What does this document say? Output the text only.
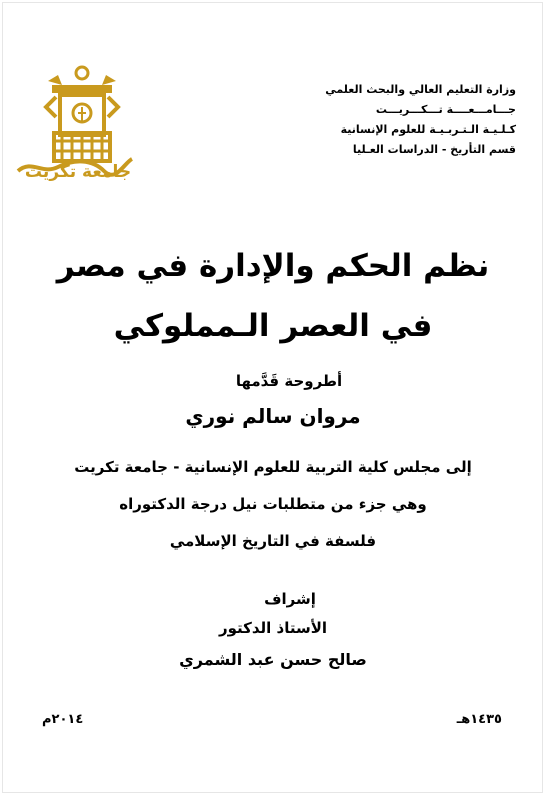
وزارة التعليم العالي والبحث العلمي
جـــامـــعــــة تـــكـــريـــت
كـلـيـة الـتـربـيـة للعلوم الإنسانية
قسم التأريخ - الدراسات العـليا
جامعة تكريت
نظم الحكم والإدارة في مصر
في العصر الـمملوكي
أطروحة قَدَّمها
مروان سالم نوري
إلى مجلس كلية التربية للعلوم الإنسانية - جامعة تكريت
وهي جزء من متطلبات نيل درجة الدكتوراه
فلسفة في التاريخ الإسلامي
إشراف
الأستاذ الدكتور
صالح حسن عبد الشمري
١٤٣٥هـ
٢٠١٤م
